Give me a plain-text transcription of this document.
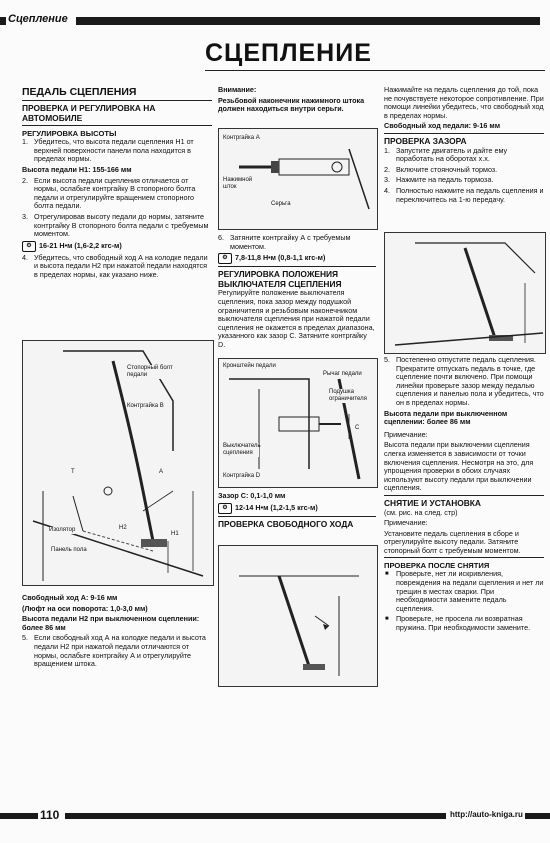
Сцепление
СЦЕПЛЕНИЕ
ПЕДАЛЬ СЦЕПЛЕНИЯ
ПРОВЕРКА И РЕГУЛИРОВКА НА АВТОМОБИЛЕ
РЕГУЛИРОВКА ВЫСОТЫ
1. Убедитесь, что высота педали сцепления H1 от верхней поверхности панели пола находится в пределах нормы.
Высота педали H1: 155-166 мм
2. Если высота педали сцепления отличается от нормы, ослабьте контргайку В стопорного болта педали и отрегулируйте вращением стопорного болта педали.
3. Отрегулировав высоту педали до нормы, затяните контргайку В стопорного болта педали с требуемым моментом.
⚙	16-21 Н•м (1,6-2,2 кгс-м)
4. Убедитесь, что свободный ход А на колодке педали и высота педали H2 при нажатой педали находятся в пределах нормы, как указано ниже.
Стопорный болт педали
Контргайка В
A
T
Изолятор
Панель пола
H2
H1

Свободный ход A: 9-16 мм

(Люфт на оси поворота: 1,0-3,0 мм)

Высота педали H2 при выключенном сцеплении: более 86 мм

5. Если свободный ход А на колодке педали и высота педали H2 при нажатой педали отличаются от нормы, ослабьте контргайку А и отрегулируйте вращением штока.

Внимание:

Резьбовой наконечник нажимного штока должен находиться внутри серьги.

Контргайка А
Нажимной шток
Серьга
6. Затяните контргайку А с требуемым моментом.
⚙	7,8-11,8 Н•м (0,8-1,1 кгс-м)
РЕГУЛИРОВКА ПОЛОЖЕНИЯ ВЫКЛЮЧАТЕЛЯ СЦЕПЛЕНИЯ

Регулируйте положение выключателя сцепления, пока зазор между подушкой ограничителя и резьбовым наконечником выключателя сцепления при нажатой педали сцепления не окажется в пределах диапазона, указанного как зазор С. Затяните контргайку D.

Кронштейн педали
Рычаг педали
Подушка ограничителя
Выключатель сцепления
Контргайка D
C

Зазор С: 0,1-1,0 мм

⚙	12-14 Н•м (1,2-1,5 кгс-м)
ПРОВЕРКА СВОБОДНОГО ХОДА

Нажимайте на педаль сцепления до той, пока не почувствуете некоторое сопротивление. При помощи линейки убедитесь, что свободный ход в пределах нормы.

Свободный ход педали: 9-16 мм

ПРОВЕРКА ЗАЗОРА
1. Запустите двигатель и дайте ему поработать на оборотах х.х.
2. Включите стояночный тормоз.
3. Нажмите на педаль тормоза.
4. Полностью нажмите на педаль сцепления и переключитесь на 1-ю передачу.
5. Постепенно отпустите педаль сцепления. Прекратите отпускать педаль в точке, где сцепление почти включено. При помощи линейки проверьте зазор между педалью сцепления и панелью пола и убедитесь, что он в пределах нормы.

Высота педали при выключенном сцеплении: более 86 мм

Примечание:

Высота педали при выключении сцепления слегка изменяется в зависимости от точки включения сцепления. Несмотря на это, для упрощения проверки в обоих случаях используют высоту педали при выключении сцепления.

СНЯТИЕ И УСТАНОВКА

(см. рис. на след. стр)

Примечание:

Установите педаль сцепления в сборе и отрегулируйте высоту педали. Затяните стопорный болт с требуемым моментом.

ПРОВЕРКА ПОСЛЕ СНЯТИЯ
■ Проверьте, нет ли искривления, повреждения на педали сцепления и нет ли трещин в местах сварки. При необходимости замените педаль сцепления.
■ Проверьте, не просела ли возвратная пружина. При необходимости замените.
110	http://auto-kniga.ru
